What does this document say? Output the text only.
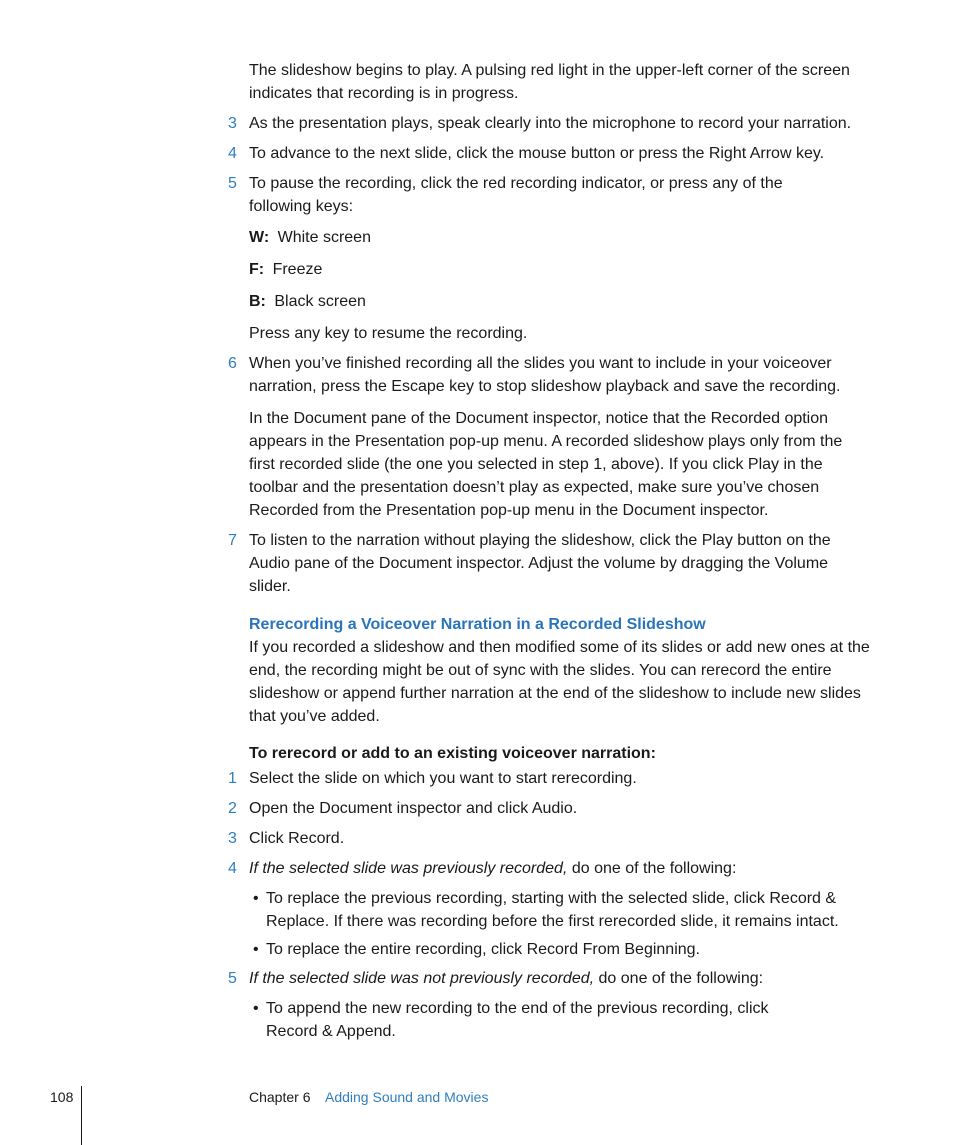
The slideshow begins to play. A pulsing red light in the upper-left corner of the screen indicates that recording is in progress.

3 As the presentation plays, speak clearly into the microphone to record your narration.

4 To advance to the next slide, click the mouse button or press the Right Arrow key.

5 To pause the recording, click the red recording indicator, or press any of the following keys:

W: White screen
F: Freeze
B: Black screen

Press any key to resume the recording.

6 When you’ve finished recording all the slides you want to include in your voiceover narration, press the Escape key to stop slideshow playback and save the recording.

In the Document pane of the Document inspector, notice that the Recorded option appears in the Presentation pop-up menu. A recorded slideshow plays only from the first recorded slide (the one you selected in step 1, above). If you click Play in the toolbar and the presentation doesn’t play as expected, make sure you’ve chosen Recorded from the Presentation pop-up menu in the Document inspector.

7 To listen to the narration without playing the slideshow, click the Play button on the Audio pane of the Document inspector. Adjust the volume by dragging the Volume slider.

Rerecording a Voiceover Narration in a Recorded Slideshow

If you recorded a slideshow and then modified some of its slides or add new ones at the end, the recording might be out of sync with the slides. You can rerecord the entire slideshow or append further narration at the end of the slideshow to include new slides that you’ve added.

To rerecord or add to an existing voiceover narration:
1 Select the slide on which you want to start rerecording.

2 Open the Document inspector and click Audio.

3 Click Record.

4 If the selected slide was previously recorded, do one of the following:

• To replace the previous recording, starting with the selected slide, click Record & Replace. If there was recording before the first rerecorded slide, it remains intact.

• To replace the entire recording, click Record From Beginning.

5 If the selected slide was not previously recorded, do one of the following:

• To append the new recording to the end of the previous recording, click Record & Append.

108	Chapter 6 Adding Sound and Movies
